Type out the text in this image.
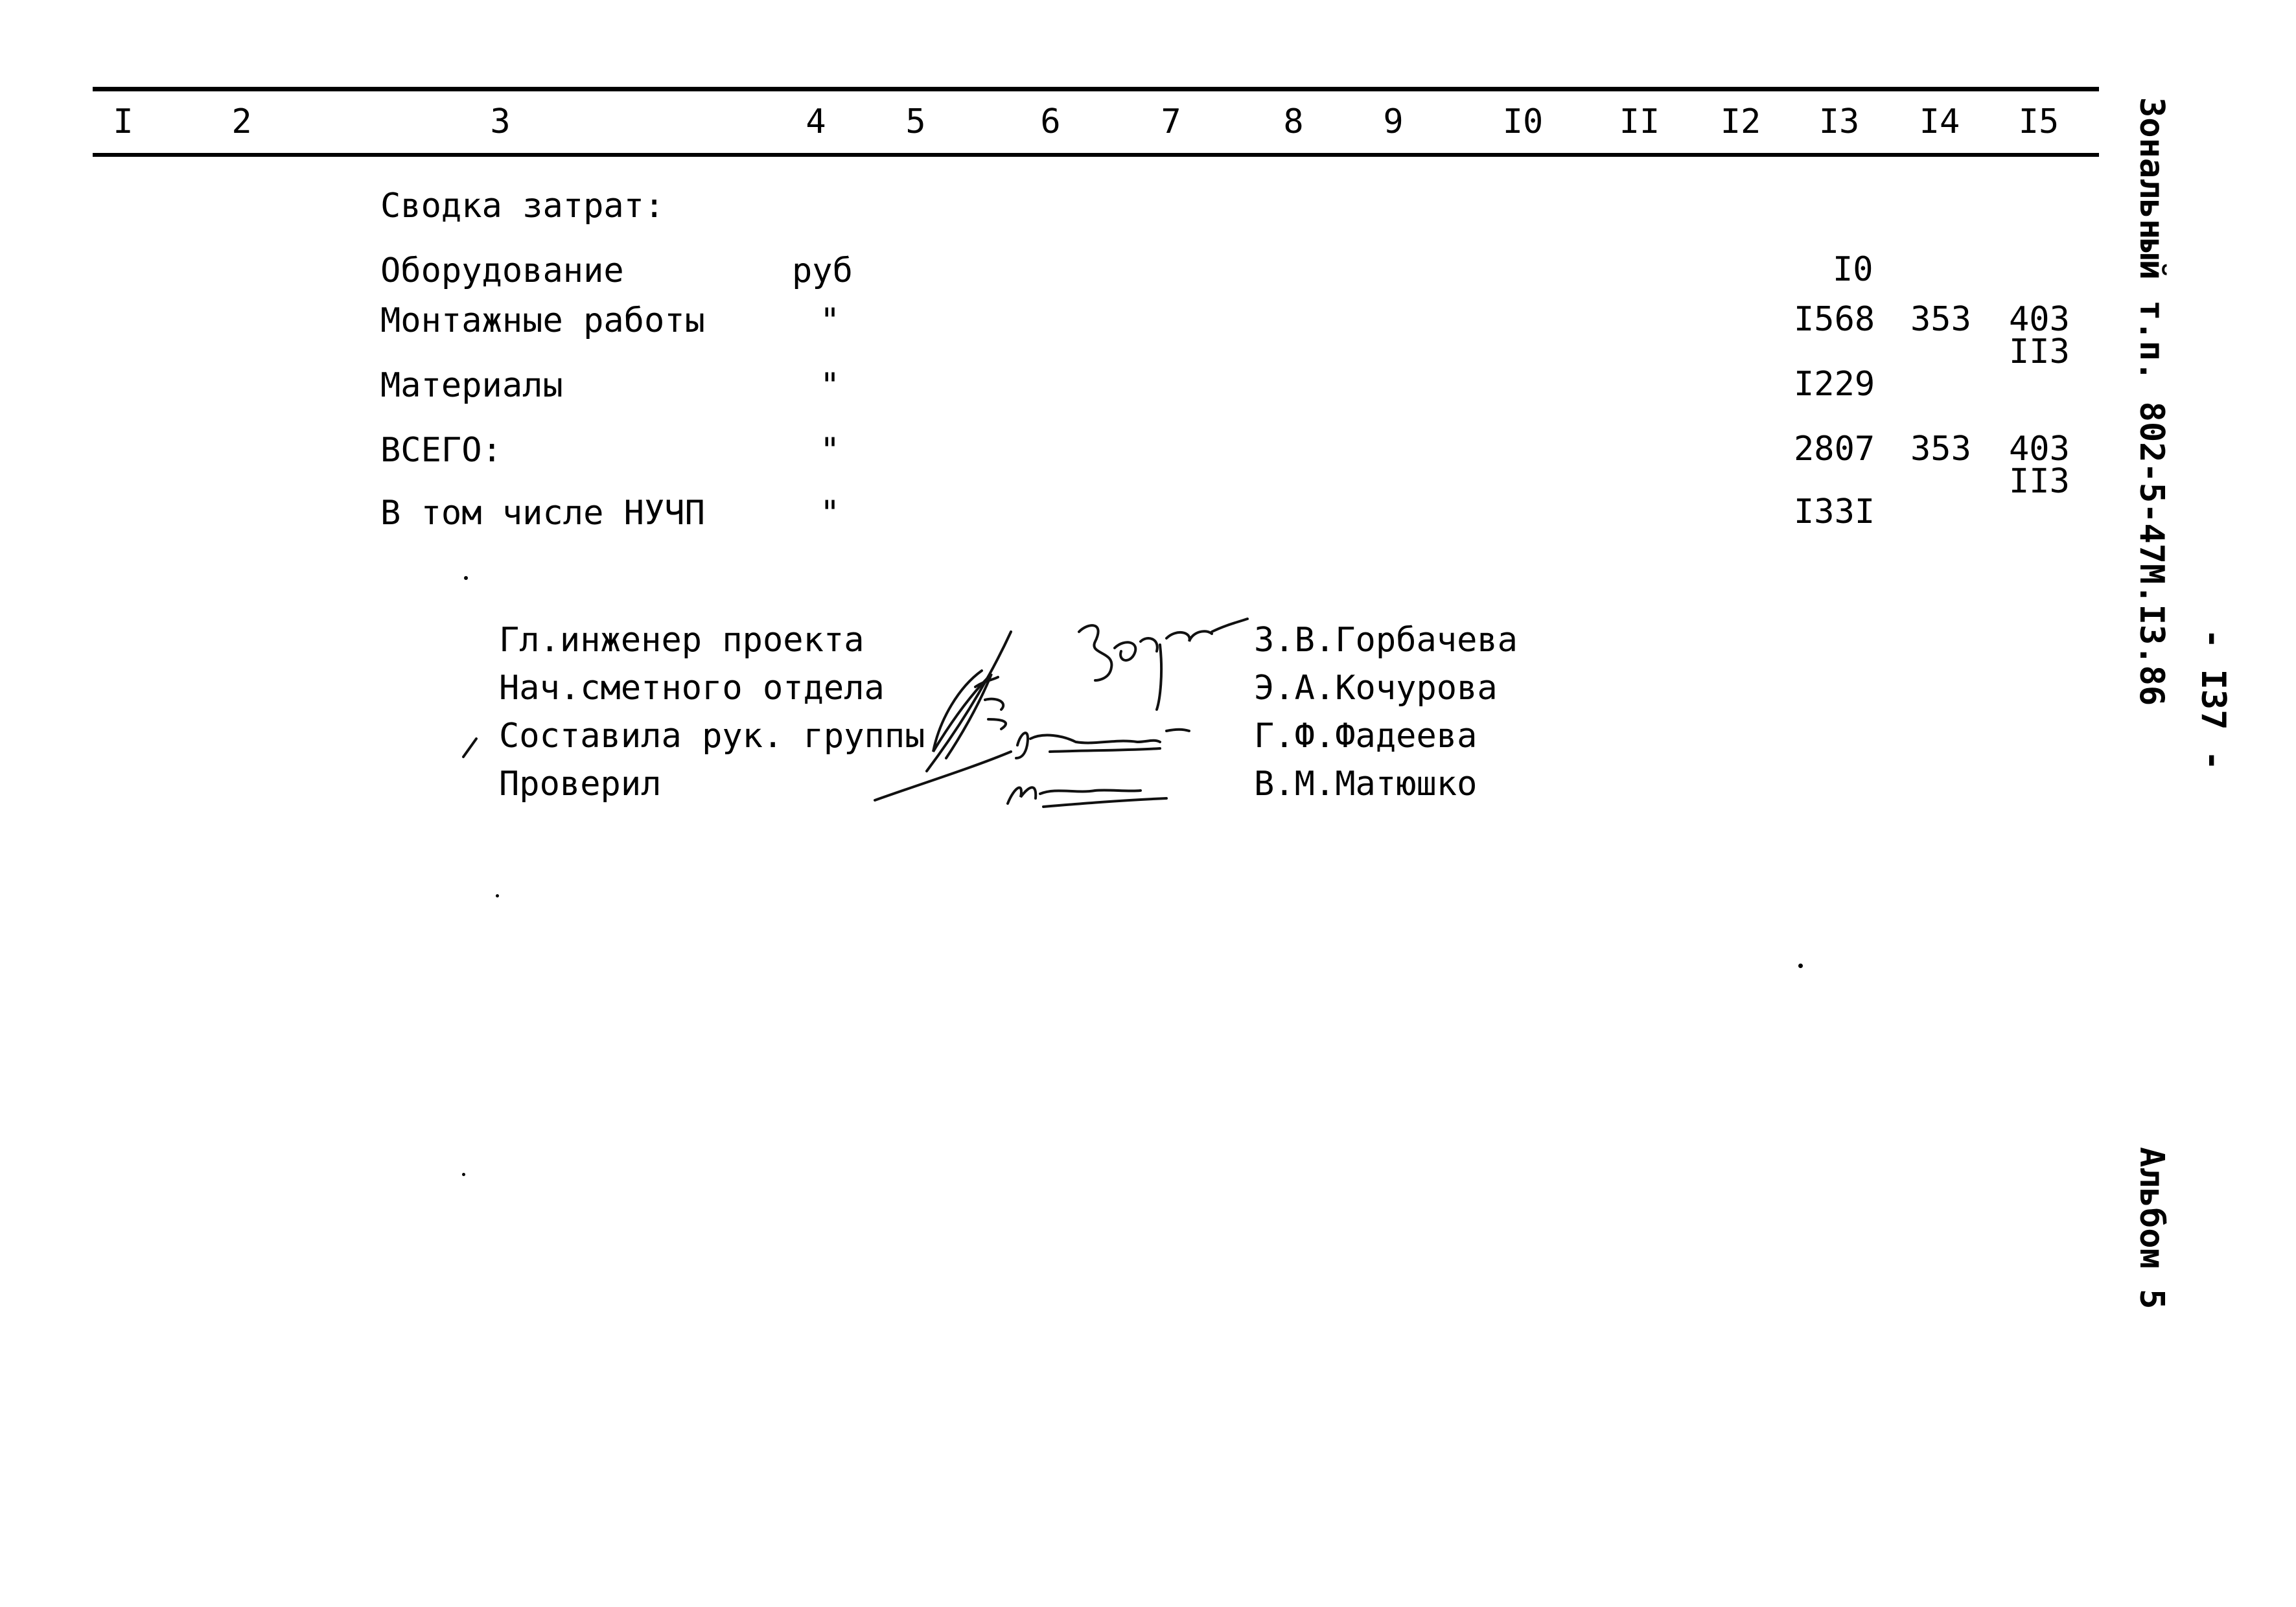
I	2	3	4	5	6	7	8	9	I0	II	I2	I3	I4	I5
Сводка затрат:
Оборудование	руб	I0
Монтажные работы	"	I568 353 403
II3
Материалы	"	I229
ВСЕГО:	"	2807 353 403
II3
В том числе НУЧП	"	I33I
Гл.инженер проекта	З.В.Горбачева
Нач.сметного отдела	Э.А.Кочурова
Составила рук. группы	Г.Ф.Фадеева
Проверил	В.М.Матюшко
Зональный т.п. 802-5-47М.I3.86 - I37 -
Альбом 5
